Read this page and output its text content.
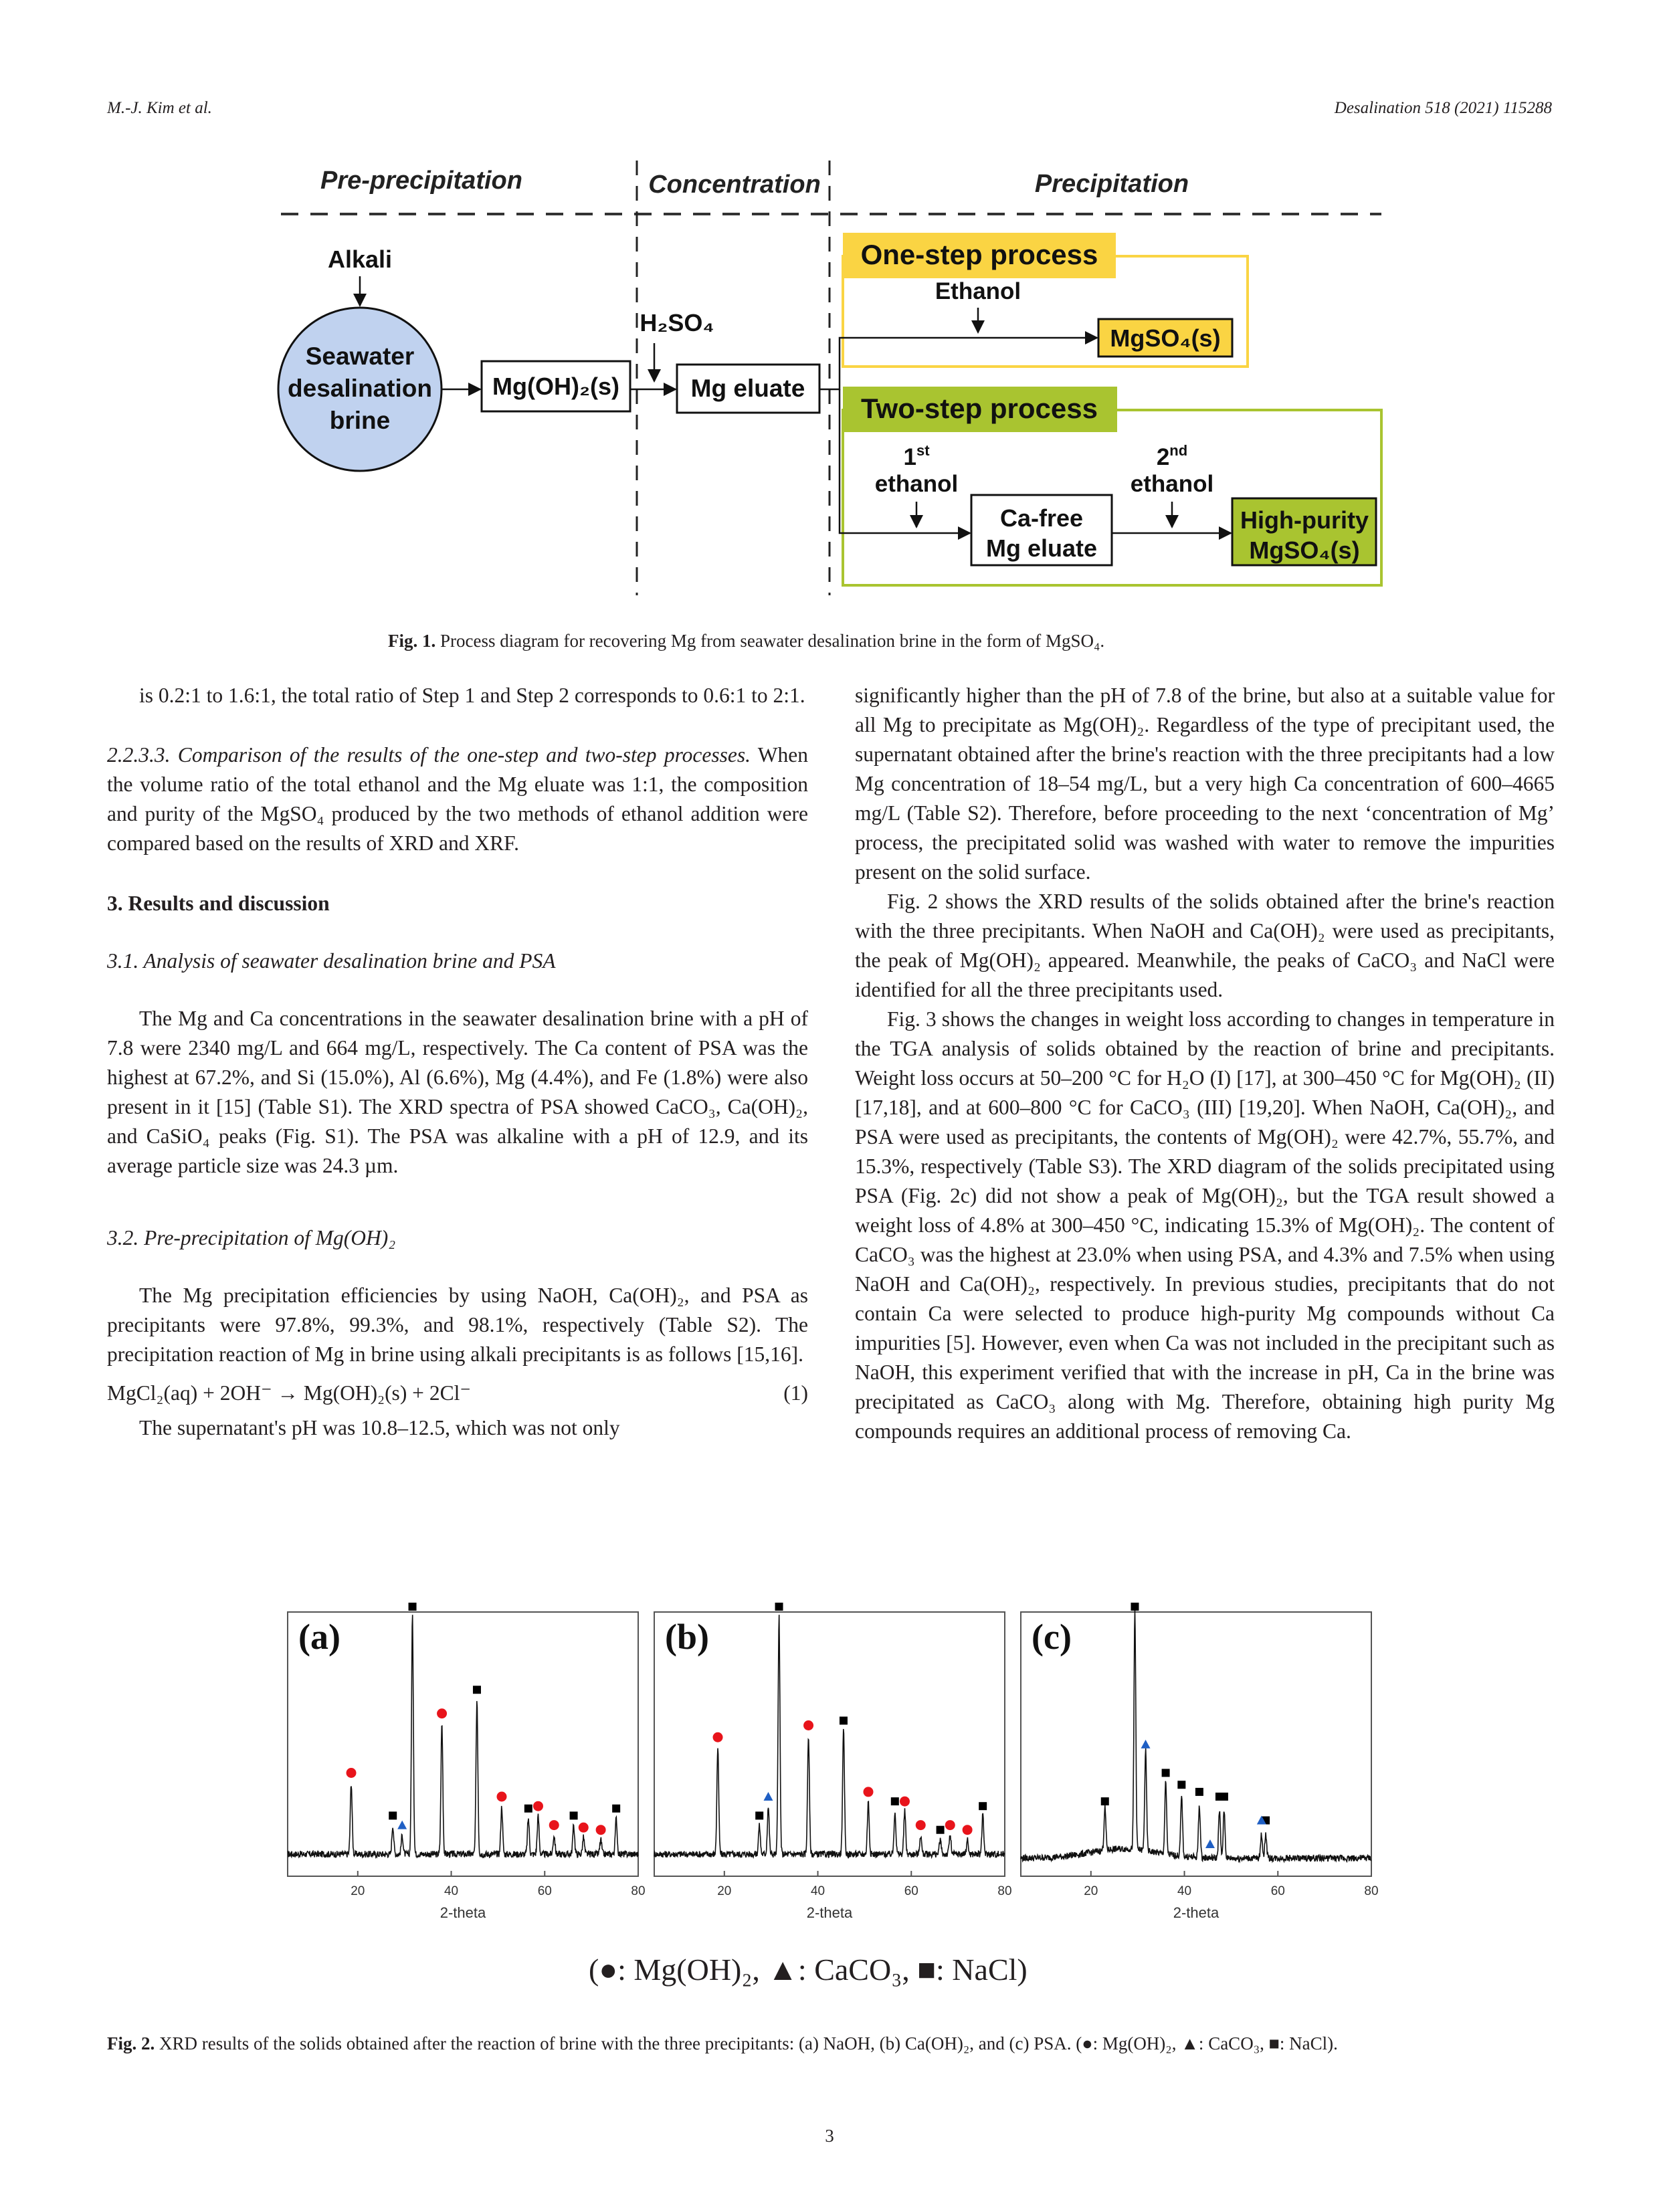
M.-J. Kim et al.	Desalination 518 (2021) 115288
Pre-precipitation	Concentration	Precipitation
Alkali
Seawater
desalination
brine
Mg(OH)₂(s)
H₂SO₄
Mg eluate
One-step process
Ethanol
MgSO₄(s)
Two-step process
1st ethanol
Ca-free
Mg eluate
2nd ethanol
High-purity
MgSO₄(s)
Fig. 1. Process diagram for recovering Mg from seawater desalination brine in the form of MgSO₄.

is 0.2:1 to 1.6:1, the total ratio of Step 1 and Step 2 corresponds to 0.6:1 to 2:1.

2.2.3.3. Comparison of the results of the one-step and two-step processes. When the volume ratio of the total ethanol and the Mg eluate was 1:1, the composition and purity of the MgSO₄ produced by the two methods of ethanol addition were compared based on the results of XRD and XRF.

3. Results and discussion

3.1. Analysis of seawater desalination brine and PSA

The Mg and Ca concentrations in the seawater desalination brine with a pH of 7.8 were 2340 mg/L and 664 mg/L, respectively. The Ca content of PSA was the highest at 67.2%, and Si (15.0%), Al (6.6%), Mg (4.4%), and Fe (1.8%) were also present in it [15] (Table S1). The XRD spectra of PSA showed CaCO₃, Ca(OH)₂, and CaSiO₄ peaks (Fig. S1). The PSA was alkaline with a pH of 12.9, and its average particle size was 24.3 µm.

3.2. Pre-precipitation of Mg(OH)₂

The Mg precipitation efficiencies by using NaOH, Ca(OH)₂, and PSA as precipitants were 97.8%, 99.3%, and 98.1%, respectively (Table S2). The precipitation reaction of Mg in brine using alkali precipitants is as follows [15,16].

MgCl₂(aq) + 2OH⁻ → Mg(OH)₂(s) + 2Cl⁻	(1)

The supernatant's pH was 10.8–12.5, which was not only

significantly higher than the pH of 7.8 of the brine, but also at a suitable value for all Mg to precipitate as Mg(OH)₂. Regardless of the type of precipitant used, the supernatant obtained after the brine's reaction with the three precipitants had a low Mg concentration of 18–54 mg/L, but a very high Ca concentration of 600–4665 mg/L (Table S2). Therefore, before proceeding to the next ‘concentration of Mg’ process, the precipitated solid was washed with water to remove the impurities present on the solid surface.

Fig. 2 shows the XRD results of the solids obtained after the brine's reaction with the three precipitants. When NaOH and Ca(OH)₂ were used as precipitants, the peak of Mg(OH)₂ appeared. Meanwhile, the peaks of CaCO₃ and NaCl were identified for all the three precipitants used.

Fig. 3 shows the changes in weight loss according to changes in temperature in the TGA analysis of solids obtained by the reaction of brine and precipitants. Weight loss occurs at 50–200 °C for H₂O (I) [17], at 300–450 °C for Mg(OH)₂ (II) [17,18], and at 600–800 °C for CaCO₃ (III) [19,20]. When NaOH, Ca(OH)₂, and PSA were used as precipitants, the contents of Mg(OH)₂ were 42.7%, 55.7%, and 15.3%, respectively (Table S3). The XRD diagram of the solids precipitated using PSA (Fig. 2c) did not show a peak of Mg(OH)₂, but the TGA result showed a weight loss of 4.8% at 300–450 °C, indicating 15.3% of Mg(OH)₂. The content of CaCO₃ was the highest at 23.0% when using PSA, and 4.3% and 7.5% when using NaOH and Ca(OH)₂, respectively. In previous studies, precipitants that do not contain Ca were selected to produce high-purity Mg compounds without Ca impurities [5]. However, even when Ca was not included in the precipitant such as NaOH, this experiment verified that with the increase in pH, Ca in the brine was precipitated as CaCO₃ along with Mg. Therefore, obtaining high purity Mg compounds requires an additional process of removing Ca.

20	40	60	80
2-theta
(a)
20	40	60	80
2-theta
(b)
20	40	60	80
2-theta
(c)
(●: Mg(OH)₂, ▲: CaCO₃, ■: NaCl)
Fig. 2. XRD results of the solids obtained after the reaction of brine with the three precipitants: (a) NaOH, (b) Ca(OH)₂, and (c) PSA. (●: Mg(OH)₂, ▲: CaCO₃, ■: NaCl).
3
